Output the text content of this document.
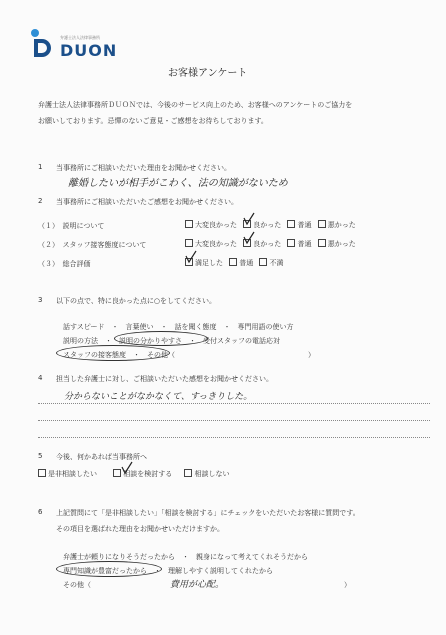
弁護士法人法律事務所
DUON
お客様アンケート
弁護士法人法律事務所ＤＵＯＮでは、今後のサービス向上のため、お客様へのアンケートのご協力を
お願いしております。忌憚のないご意見・ご感想をお待ちしております。
1 当事務所にご相談いただいた理由をお聞かせください。
離婚したいが相手がこわく、法の知識がないため
2 当事務所にご相談いただいたご感想をお聞かせください。
（１）　説明について	大変良かった 良かった 普通 悪かった
（２）　スタッフ接客態度について	大変良かった 良かった 普通 悪かった
（３）　総合評価	満足した 普通 不満
3 以下の点で、特に良かった点に○をしてください。
話すスピード　・　言葉使い　・　話を聞く態度　・　専門用語の使い方
説明の方法　・　説明の分かりやすさ　・　受付スタッフの電話応対
スタッフの接客態度　・　その他（　　　　　　　　　　　　　　　　　　　）
4 担当した弁護士に対し、ご相談いただいた感想をお聞かせください。
分からないことがなかなくて、すっきりした。
5 今後、何かあれば当事務所へ
是非相談したい	相談を検討する	相談しない
6 上記質問にて「是非相談したい」「相談を検討する」にチェックをいただいたお客様に質問です。
その項目を選ばれた理由をお聞かせいただけますか。
弁護士が頼りになりそうだったから　・　親身になって考えてくれそうだから
専門知識が豊富だったから　・　理解しやすく説明してくれたから
その他（	費用が心配。	）
